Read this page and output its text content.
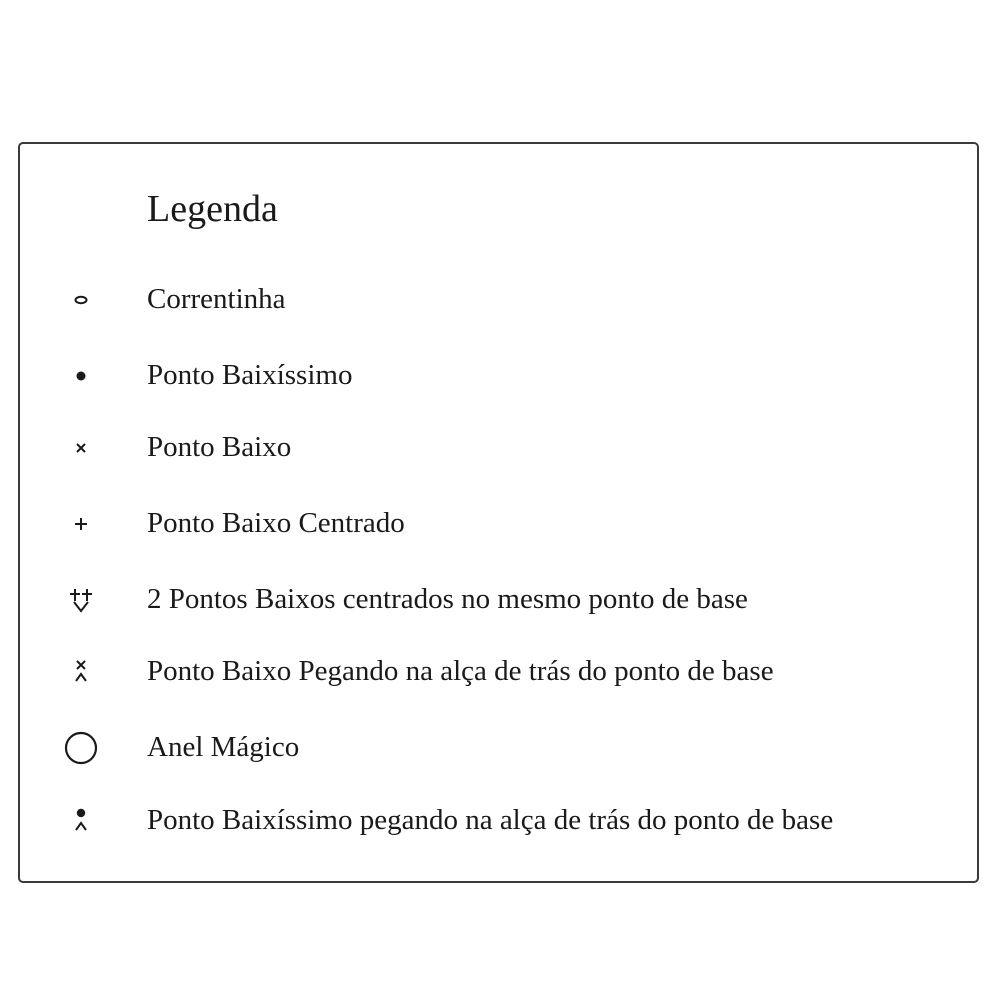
Legenda
Correntinha
Ponto Baixíssimo
Ponto Baixo
Ponto Baixo Centrado
2 Pontos Baixos centrados no mesmo ponto de base
Ponto Baixo Pegando na alça de trás do ponto de base
Anel Mágico
Ponto Baixíssimo pegando na alça de trás do ponto de base
